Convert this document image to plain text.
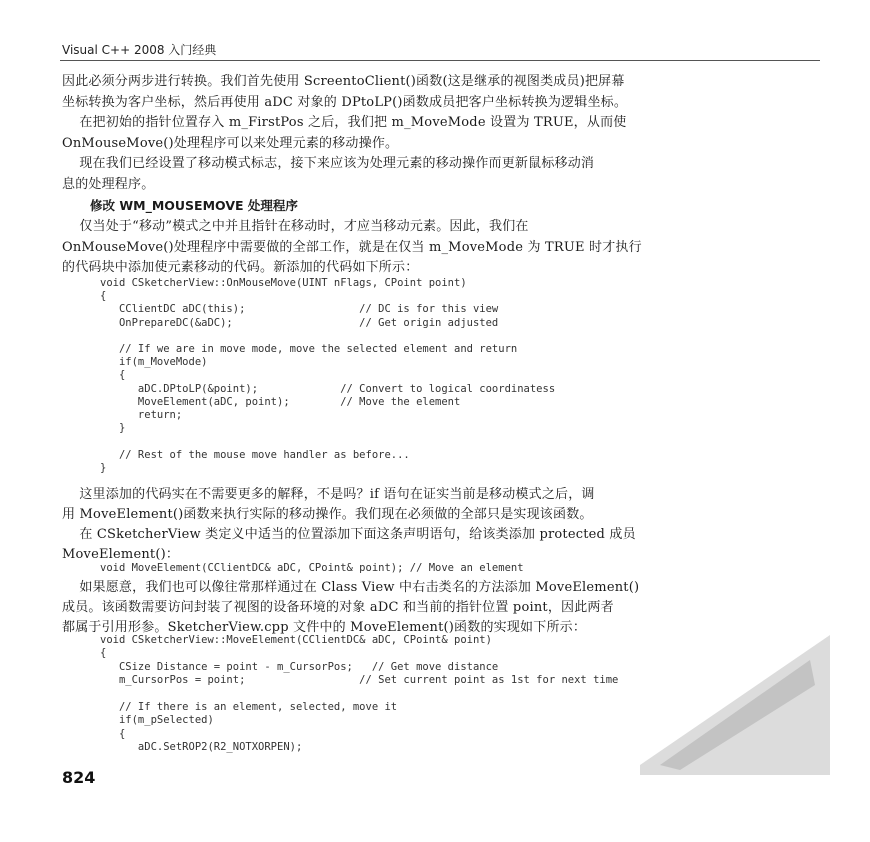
Visual C++ 2008 入门经典
因此必须分两步进行转换。我们首先使用 ScreentoClient()函数(这是继承的视图类成员)把屏幕
坐标转换为客户坐标，然后再使用 aDC 对象的 DPtoLP()函数成员把客户坐标转换为逻辑坐标。
在把初始的指针位置存入 m_FirstPos 之后，我们把 m_MoveMode 设置为 TRUE，从而使
OnMouseMove()处理程序可以来处理元素的移动操作。
现在我们已经设置了移动模式标志，接下来应该为处理元素的移动操作而更新鼠标移动消
息的处理程序。
修改 WM_MOUSEMOVE 处理程序
仅当处于“移动”模式之中并且指针在移动时，才应当移动元素。因此，我们在
OnMouseMove()处理程序中需要做的全部工作，就是在仅当 m_MoveMode 为 TRUE 时才执行
的代码块中添加使元素移动的代码。新添加的代码如下所示：
void CSketcherView::OnMouseMove(UINT nFlags, CPoint point)
{
CClientDC aDC(this);                  // DC is for this view
OnPrepareDC(&aDC);                    // Get origin adjusted
// If we are in move mode, move the selected element and return
if(m_MoveMode)
{
aDC.DPtoLP(&point);             // Convert to logical coordinatess
MoveElement(aDC, point);        // Move the element
return;
}
// Rest of the mouse move handler as before...
}
这里添加的代码实在不需要更多的解释，不是吗？if 语句在证实当前是移动模式之后，调
用 MoveElement()函数来执行实际的移动操作。我们现在必须做的全部只是实现该函数。
在 CSketcherView 类定义中适当的位置添加下面这条声明语句，给该类添加 protected 成员
MoveElement()：
void MoveElement(CClientDC& aDC, CPoint& point); // Move an element
如果愿意，我们也可以像往常那样通过在 Class View 中右击类名的方法添加 MoveElement()
成员。该函数需要访问封装了视图的设备环境的对象 aDC 和当前的指针位置 point，因此两者
都属于引用形参。SketcherView.cpp 文件中的 MoveElement()函数的实现如下所示：
void CSketcherView::MoveElement(CClientDC& aDC, CPoint& point)
{
CSize Distance = point - m_CursorPos;   // Get move distance
m_CursorPos = point;                  // Set current point as 1st for next time
// If there is an element, selected, move it
if(m_pSelected)
{
aDC.SetROP2(R2_NOTXORPEN);
824
